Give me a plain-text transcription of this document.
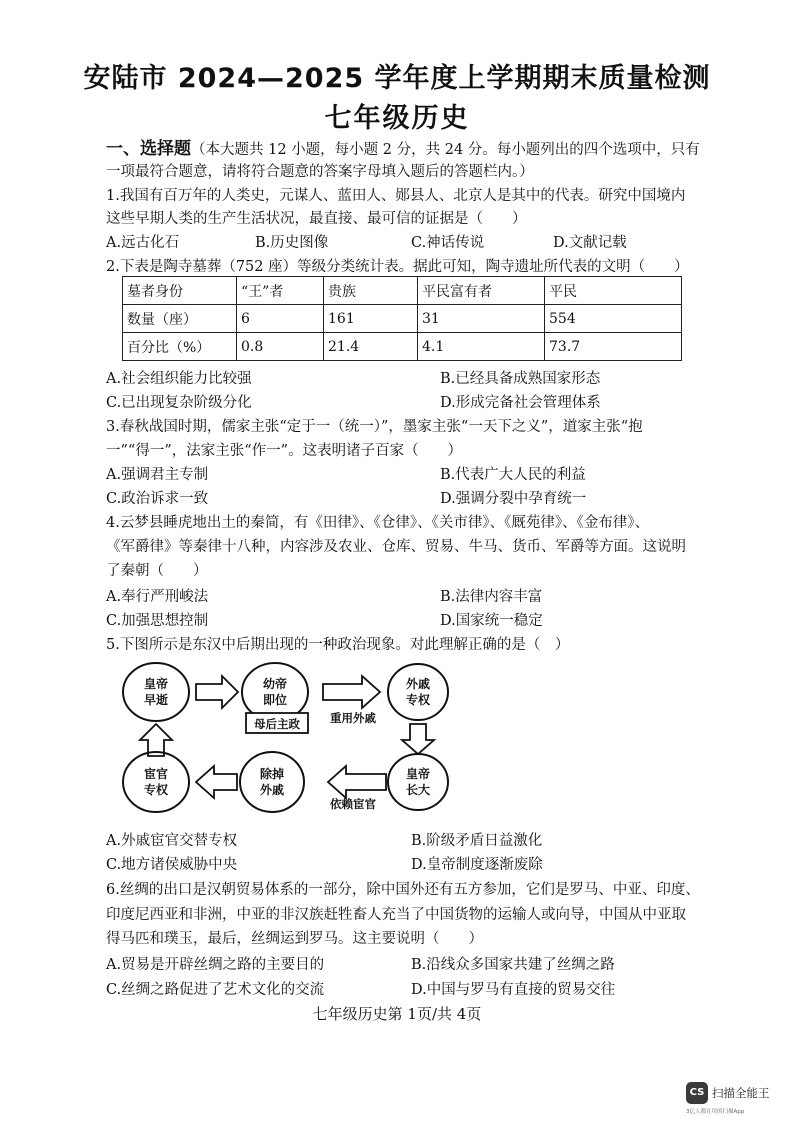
安陆市 2024—2025 学年度上学期期末质量检测
七年级历史
一、选择题（本大题共 12 小题，每小题 2 分，共 24 分。每小题列出的四个选项中，只有
一项最符合题意，请将符合题意的答案字母填入题后的答题栏内。）
1.我国有百万年的人类史，元谋人、蓝田人、郧县人、北京人是其中的代表。研究中国境内
这些早期人类的生产生活状况，最直接、最可信的证据是（　　）
A.远古化石	B.历史图像	C.神话传说	D.文献记载
2.下表是陶寺墓葬（752 座）等级分类统计表。据此可知，陶寺遗址所代表的文明（　　）
墓者身份	“王”者	贵族	平民富有者	平民
数量（座）	6	161	31	554
百分比（%）	0.8	21.4	4.1	73.7
A.社会组织能力比较强	B.已经具备成熟国家形态
C.已出现复杂阶级分化	D.形成完备社会管理体系
3.春秋战国时期，儒家主张“定于一（统一）”，墨家主张“一天下之义”，道家主张“抱
一”“得一”，法家主张“作一”。这表明诸子百家（　　）
A.强调君主专制	B.代表广大人民的利益
C.政治诉求一致	D.强调分裂中孕育统一
4.云梦县睡虎地出土的秦简，有《田律》、《仓律》、《关市律》、《厩苑律》、《金布律》、
《军爵律》等秦律十八种，内容涉及农业、仓库、贸易、牛马、货币、军爵等方面。这说明
了秦朝（　　）
A.奉行严刑峻法	B.法律内容丰富
C.加强思想控制	D.国家统一稳定
5.下图所示是东汉中后期出现的一种政治现象。对此理解正确的是（　）
皇帝
早逝
幼帝
即位
外戚
专权
皇帝
长大
除掉
外戚
宦官
专权
母后主政	重用外戚
依赖宦官
A.外戚宦官交替专权	B.阶级矛盾日益激化
C.地方诸侯威胁中央	D.皇帝制度逐渐废除
6.丝绸的出口是汉朝贸易体系的一部分，除中国外还有五方参加，它们是罗马、中亚、印度、
印度尼西亚和非洲，中亚的非汉族赶牲畜人充当了中国货物的运输人或向导，中国从中亚取
得马匹和璞玉，最后，丝绸运到罗马。这主要说明（　　）
A.贸易是开辟丝绸之路的主要目的	B.沿线众多国家共建了丝绸之路
C.丝绸之路促进了艺术文化的交流	D.中国与罗马有直接的贸易交往
七年级历史第 1页/共 4页
CS 扫描全能王
3亿人都在用的扫描App
